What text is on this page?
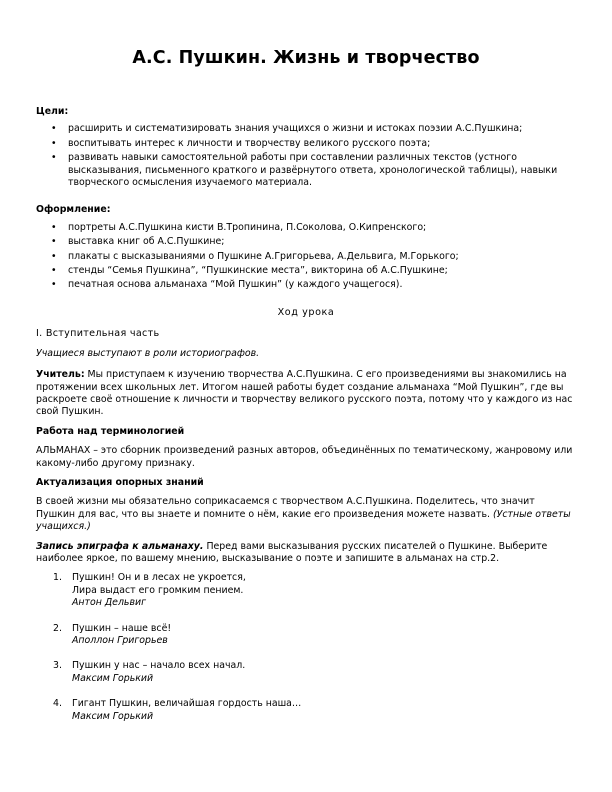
А.С. Пушкин. Жизнь и творчество

Цели:

• расширить и систематизировать знания учащихся о жизни и истоках поэзии А.С.Пушкина;
• воспитывать интерес к личности и творчеству великого русского поэта;
• развивать навыки самостоятельной работы при составлении различных текстов (устного высказывания, письменного краткого и развёрнутого ответа, хронологической таблицы), навыки творческого осмысления изучаемого материала.

Оформление:

• портреты А.С.Пушкина кисти В.Тропинина, П.Соколова, О.Кипренского;
• выставка книг об А.С.Пушкине;
• плакаты с высказываниями о Пушкине А.Григорьева, А.Дельвига, М.Горького;
• стенды “Семья Пушкина”, “Пушкинские места”, викторина об А.С.Пушкине;
• печатная основа альманаха “Мой Пушкин” (у каждого учащегося).

Ход урока

I. Вступительная часть

Учащиеся выступают в роли историографов.

Учитель: Мы приступаем к изучению творчества А.С.Пушкина. С его произведениями вы знакомились на протяжении всех школьных лет. Итогом нашей работы будет создание альманаха “Мой Пушкин”, где вы раскроете своё отношение к личности и творчеству великого русского поэта, потому что у каждого из нас свой Пушкин.

Работа над терминологией

АЛЬМАНАХ – это сборник произведений разных авторов, объединённых по тематическому, жанровому или какому-либо другому признаку.

Актуализация опорных знаний

В своей жизни мы обязательно соприкасаемся с творчеством А.С.Пушкина. Поделитесь, что значит Пушкин для вас, что вы знаете и помните о нём, какие его произведения можете назвать. (Устные ответы учащихся.)

Запись эпиграфа к альманаху. Перед вами высказывания русских писателей о Пушкине. Выберите наиболее яркое, по вашему мнению, высказывание о поэте и запишите в альманах на стр.2.

1. Пушкин! Он и в лесах не укроется,
Лира выдаст его громким пением.
Антон Дельвиг
2. Пушкин – наше всё!
Аполлон Григорьев
3. Пушкин у нас – начало всех начал.
Максим Горький
4. Гигант Пушкин, величайшая гордость наша…
Максим Горький
